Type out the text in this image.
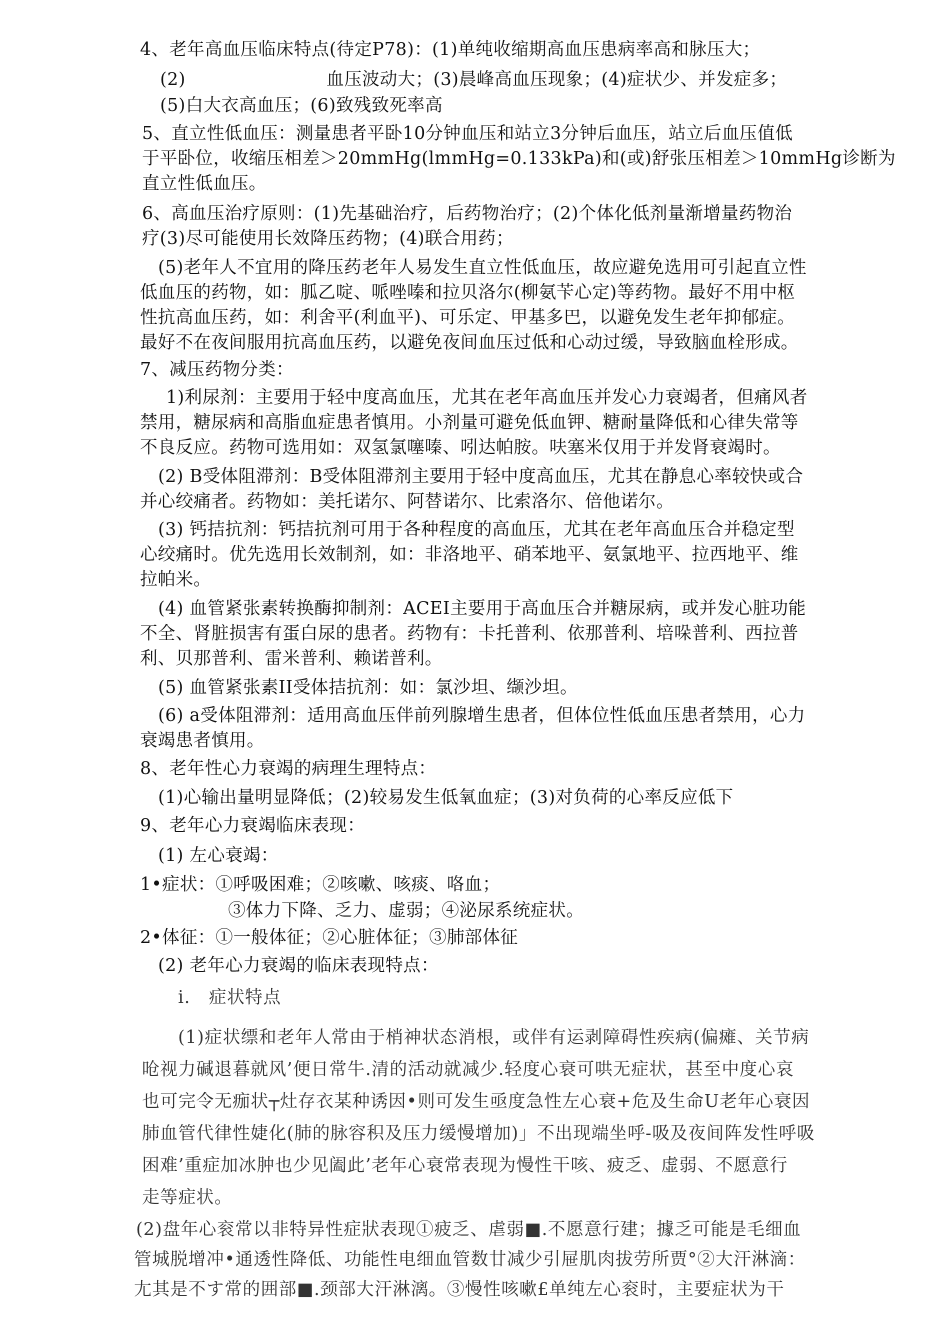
4、老年高血压临床特点(待定P78)：(1)单纯收缩期高血压患病率高和脉压大；
(2)                        血压波动大；(3)晨峰高血压现象；(4)症状少、并发症多；
(5)白大衣高血压；(6)致残致死率高
5、直立性低血压：测量患者平卧10分钟血压和站立3分钟后血压，站立后血压值低
于平卧位，收缩压相差＞20mmHg(lmmHg=0.133kPa)和(或)舒张压相差＞10mmHg诊断为
直立性低血压。
6、高血压治疗原则：(1)先基础治疗，后药物治疗；(2)个体化低剂量渐增量药物治
疗(3)尽可能使用长效降压药物；(4)联合用药；
(5)老年人不宜用的降压药老年人易发生直立性低血压，故应避免选用可引起直立性
低血压的药物，如：胍乙啶、哌唑嗪和拉贝洛尔(柳氨苄心定)等药物。最好不用中枢
性抗高血压药，如：利舍平(利血平)、可乐定、甲基多巴，以避免发生老年抑郁症。
最好不在夜间服用抗高血压药，以避免夜间血压过低和心动过缓，导致脑血栓形成。
7、减压药物分类：
1)利尿剂：主要用于轻中度高血压，尤其在老年高血压并发心力衰竭者，但痛风者
禁用，糖尿病和高脂血症患者慎用。小剂量可避免低血钾、糖耐量降低和心律失常等
不良反应。药物可选用如：双氢氯噻嗪、吲达帕胺。呋塞米仅用于并发肾衰竭时。
(2) B受体阻滞剂：B受体阻滞剂主要用于轻中度高血压，尤其在静息心率较快或合
并心绞痛者。药物如：美托诺尔、阿替诺尔、比索洛尔、倍他诺尔。
(3) 钙拮抗剂：钙拮抗剂可用于各种程度的高血压，尤其在老年高血压合并稳定型
心绞痛时。优先选用长效制剂，如：非洛地平、硝苯地平、氨氯地平、拉西地平、维
拉帕米。
(4) 血管紧张素转换酶抑制剂：ACEI主要用于高血压合并糖尿病，或并发心脏功能
不全、肾脏损害有蛋白尿的患者。药物有：卡托普利、依那普利、培哚普利、西拉普
利、贝那普利、雷米普利、赖诺普利。
(5) 血管紧张素II受体拮抗剂：如：氯沙坦、缬沙坦。
(6) a受体阻滞剂：适用高血压伴前列腺增生患者，但体位性低血压患者禁用，心力
衰竭患者慎用。
8、老年性心力衰竭的病理生理特点：
(1)心输出量明显降低；(2)较易发生低氧血症；(3)对负荷的心率反应低下
9、老年心力衰竭临床表现：
(1) 左心衰竭：
1•症状：①呼吸困难；②咳嗽、咳痰、咯血；
③体力下降、乏力、虚弱；④泌尿系统症状。
2•体征：①一般体征；②心脏体征；③肺部体征
(2) 老年心力衰竭的临床表现特点：
i.   症状特点
(1)症状缥和老年人常由于梢神状态消根，或伴有运剥障碍性疾病(偏瘫、关节病
呛视力碱退暮就风’便日常牛.清的活动就减少.轻度心衰可哄无症状，甚至中度心哀
也可完令无痂状┬灶存衣某种诱因•则可发生亟度急性左心衰+危及生命U老年心衰因
肺血管代律性婕化(肺的脉容积及压力缓慢增加)」不出现端坐呼-吸及夜间阵发性呼吸
困难’重症加冰肿也少见阖此’老年心衰常表现为慢性干咳、疲乏、虚弱、不愿意行
走等症状。
(2)盘年心衮常以非特异性症狀表现①疲乏、虐弱■.不愿意行建；據乏可能是毛细血
管城脱增冲•通透性降低、功能性电细血管数廿减少引屉肌肉拔劳所贾°②大汗淋滴：
尢其是不す常的囲部■.颈部大汗淋漓。③慢性咳嗽£单纯左心衮时，主要症状为干
